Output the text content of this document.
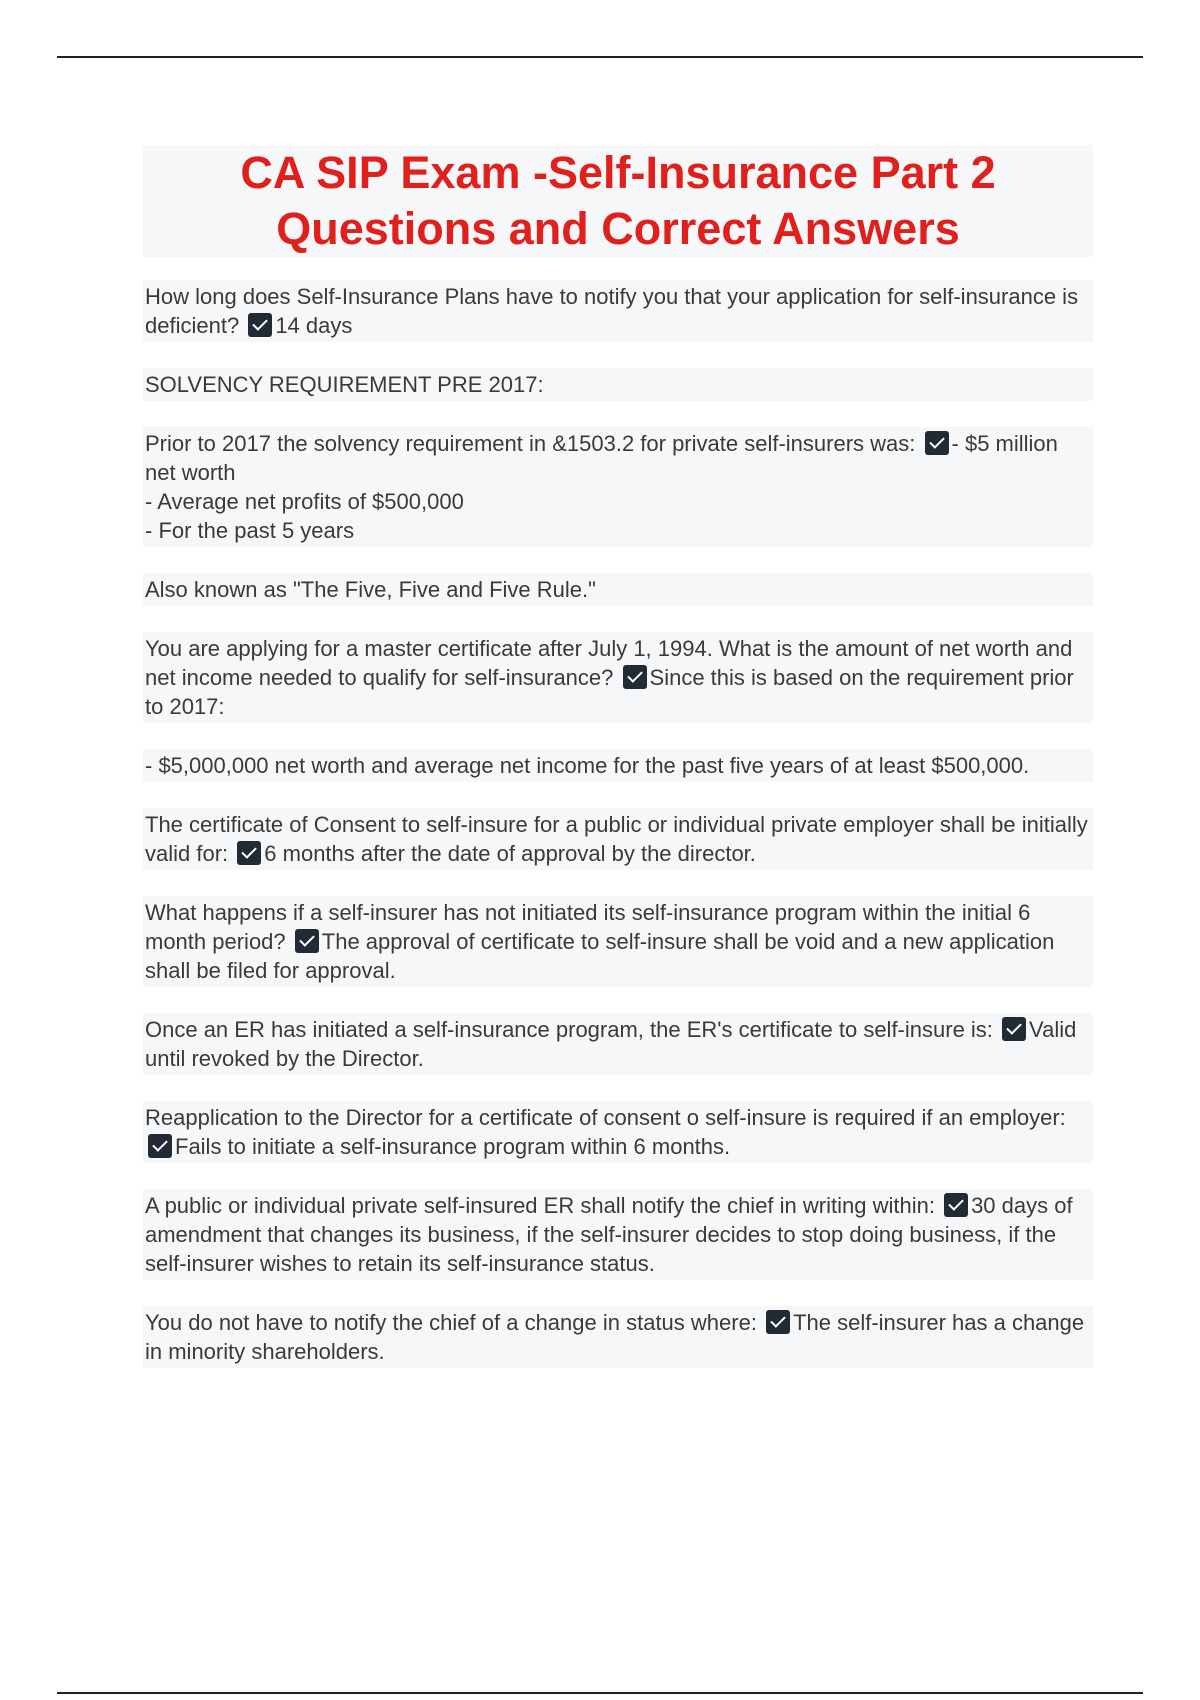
CA SIP Exam -Self-Insurance Part 2 Questions and Correct Answers
How long does Self-Insurance Plans have to notify you that your application for self-insurance is deficient? 14 days
SOLVENCY REQUIREMENT PRE 2017:
Prior to 2017 the solvency requirement in &1503.2 for private self-insurers was: - $5 million net worth
- Average net profits of $500,000
- For the past 5 years
Also known as "The Five, Five and Five Rule."
You are applying for a master certificate after July 1, 1994. What is the amount of net worth and net income needed to qualify for self-insurance? Since this is based on the requirement prior to 2017:
- $5,000,000 net worth and average net income for the past five years of at least $500,000.
The certificate of Consent to self-insure for a public or individual private employer shall be initially valid for: 6 months after the date of approval by the director.
What happens if a self-insurer has not initiated its self-insurance program within the initial 6 month period? The approval of certificate to self-insure shall be void and a new application shall be filed for approval.
Once an ER has initiated a self-insurance program, the ER's certificate to self-insure is: Valid until revoked by the Director.
Reapplication to the Director for a certificate of consent o self-insure is required if an employer: Fails to initiate a self-insurance program within 6 months.
A public or individual private self-insured ER shall notify the chief in writing within: 30 days of amendment that changes its business, if the self-insurer decides to stop doing business, if the self-insurer wishes to retain its self-insurance status.
You do not have to notify the chief of a change in status where: The self-insurer has a change in minority shareholders.
